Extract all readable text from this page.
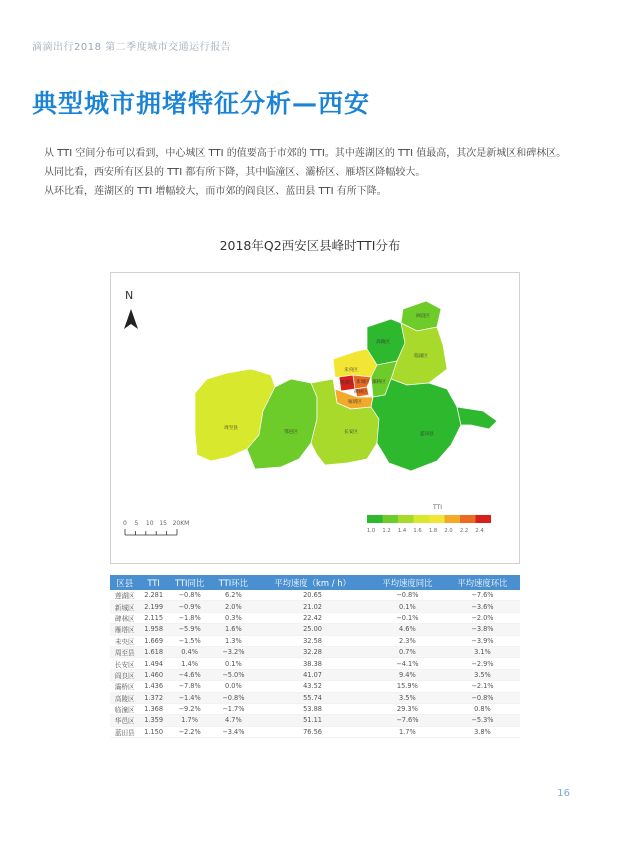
滴滴出行2018 第二季度城市交通运行报告
典型城市拥堵特征分析—西安
从 TTI 空间分布可以看到，中心城区 TTI 的值要高于市郊的 TTI。其中莲湖区的 TTI 值最高，其次是新城区和碑林区。
从同比看，西安所有区县的 TTI 都有所下降，其中临潼区、灞桥区、雁塔区降幅较大。
从环比看，莲湖区的 TTI 增幅较大，而市郊的阎良区、蓝田县 TTI 有所下降。
2018年Q2西安区县峰时TTI分布
N
阎良区
高陵区
临潼区
未央区
莲湖区 新城区
碑林区
灞桥区
雁塔区
周至县
鄠邑区	长安区	蓝田县
0    5    10   15   20KM
TTI
1.0 1.2 1.4 1.6 1.8 2.0 2.2 2.4
区县	TTI	TTI同比	TTI环比	平均速度（km / h）	平均速度同比	平均速度环比
莲湖区	2.281	−0.8%	6.2%	20.65	−0.8%	−7.6%
新城区	2.199	−0.9%	2.0%	21.02	0.1%	−3.6%
碑林区	2.115	−1.8%	0.3%	22.42	−0.1%	−2.0%
雁塔区	1.958	−5.9%	1.6%	25.00	4.6%	−3.8%
未央区	1.669	−1.5%	1.3%	32.58	2.3%	−3.9%
周至县	1.618	0.4%	−3.2%	32.28	0.7%	3.1%
长安区	1.494	1.4%	0.1%	38.38	−4.1%	−2.9%
阎良区	1.460	−4.6%	−5.0%	41.07	9.4%	3.5%
灞桥区	1.436	−7.8%	0.0%	43.52	15.9%	−2.1%
高陵区	1.372	−1.4%	−0.8%	55.74	3.5%	−0.8%
临潼区	1.368	−9.2%	−1.7%	53.88	29.3%	0.8%
华邑区	1.359	1.7%	4.7%	51.11	−7.6%	−5.3%
蓝田县	1.150	−2.2%	−3.4%	76.56	1.7%	3.8%
16
